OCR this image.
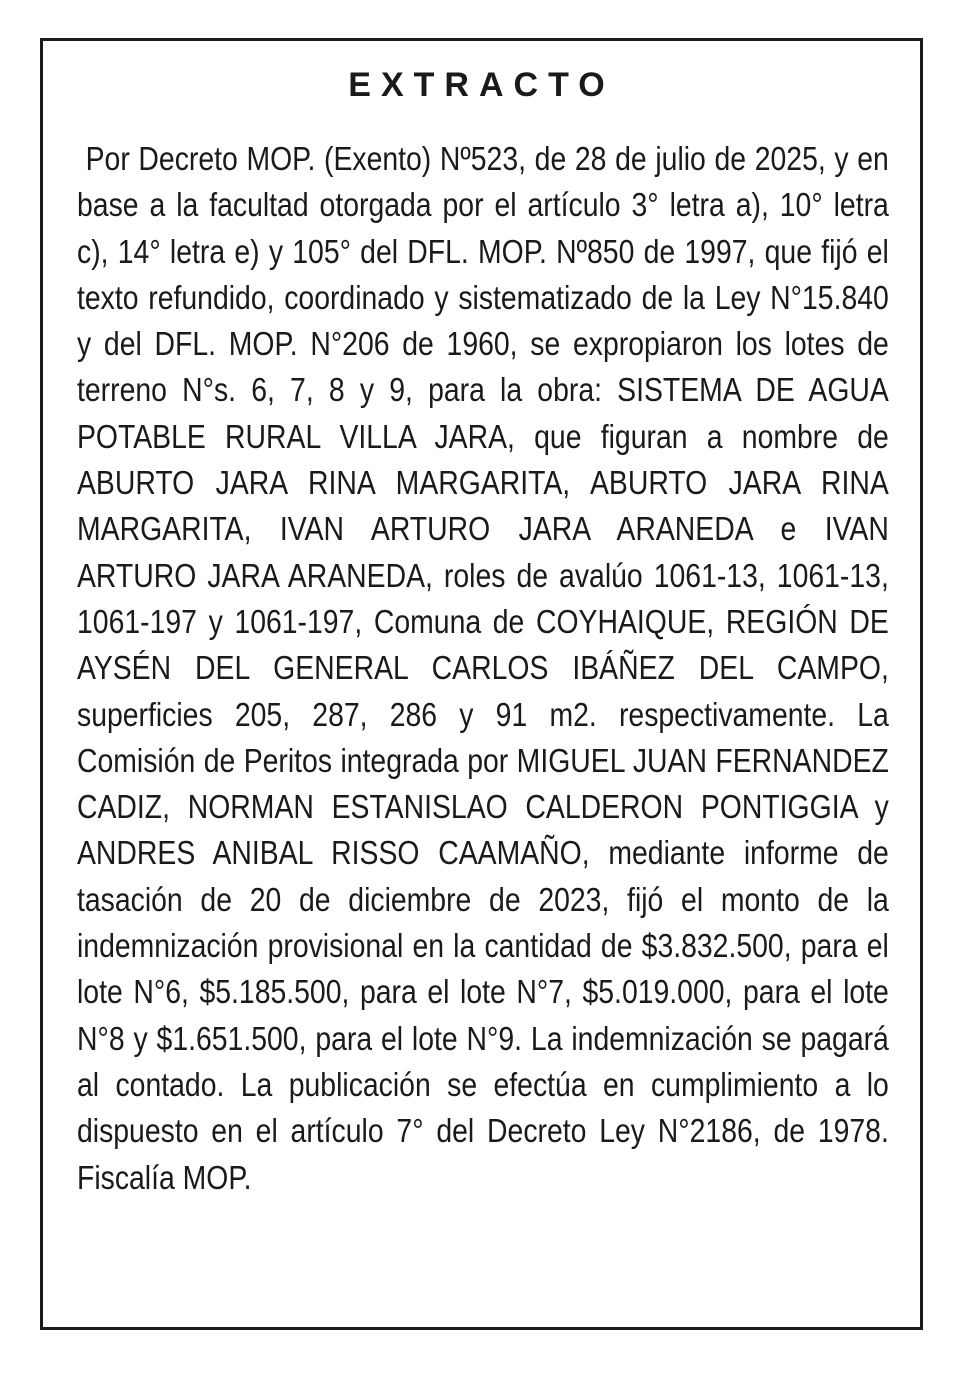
EXTRACTO

Por Decreto MOP. (Exento) Nº523, de 28 de julio de 2025, y en base a la facultad otorgada por el artículo 3° letra a), 10° letra c), 14° letra e) y 105° del DFL. MOP. Nº850 de 1997, que fijó el texto refundido, coordinado y sistematizado de la Ley N°15.840 y del DFL. MOP. N°206 de 1960, se expropiaron los lotes de terreno N°s. 6, 7, 8 y 9, para la obra: SISTEMA DE AGUA POTABLE RURAL VILLA JARA, que figuran a nombre de ABURTO JARA RINA MARGARITA, ABURTO JARA RINA MARGARITA, IVAN ARTURO JARA ARANEDA e IVAN ARTURO JARA ARANEDA, roles de avalúo 1061-13, 1061-13, 1061-197 y 1061-197, Comuna de COYHAIQUE, REGIÓN DE AYSÉN DEL GENERAL CARLOS IBÁÑEZ DEL CAMPO, superficies 205, 287, 286 y 91 m2. respectivamente. La Comisión de Peritos integrada por MIGUEL JUAN FERNANDEZ CADIZ, NORMAN ESTANISLAO CALDERON PONTIGGIA y ANDRES ANIBAL RISSO CAAMAÑO, mediante informe de tasación de 20 de diciembre de 2023, fijó el monto de la indemnización provisional en la cantidad de $3.832.500, para el lote N°6, $5.185.500, para el lote N°7, $5.019.000, para el lote N°8 y $1.651.500, para el lote N°9. La indemnización se pagará al contado. La publicación se efectúa en cumplimiento a lo dispuesto en el artículo 7° del Decreto Ley N°2186, de 1978. Fiscalía MOP.
